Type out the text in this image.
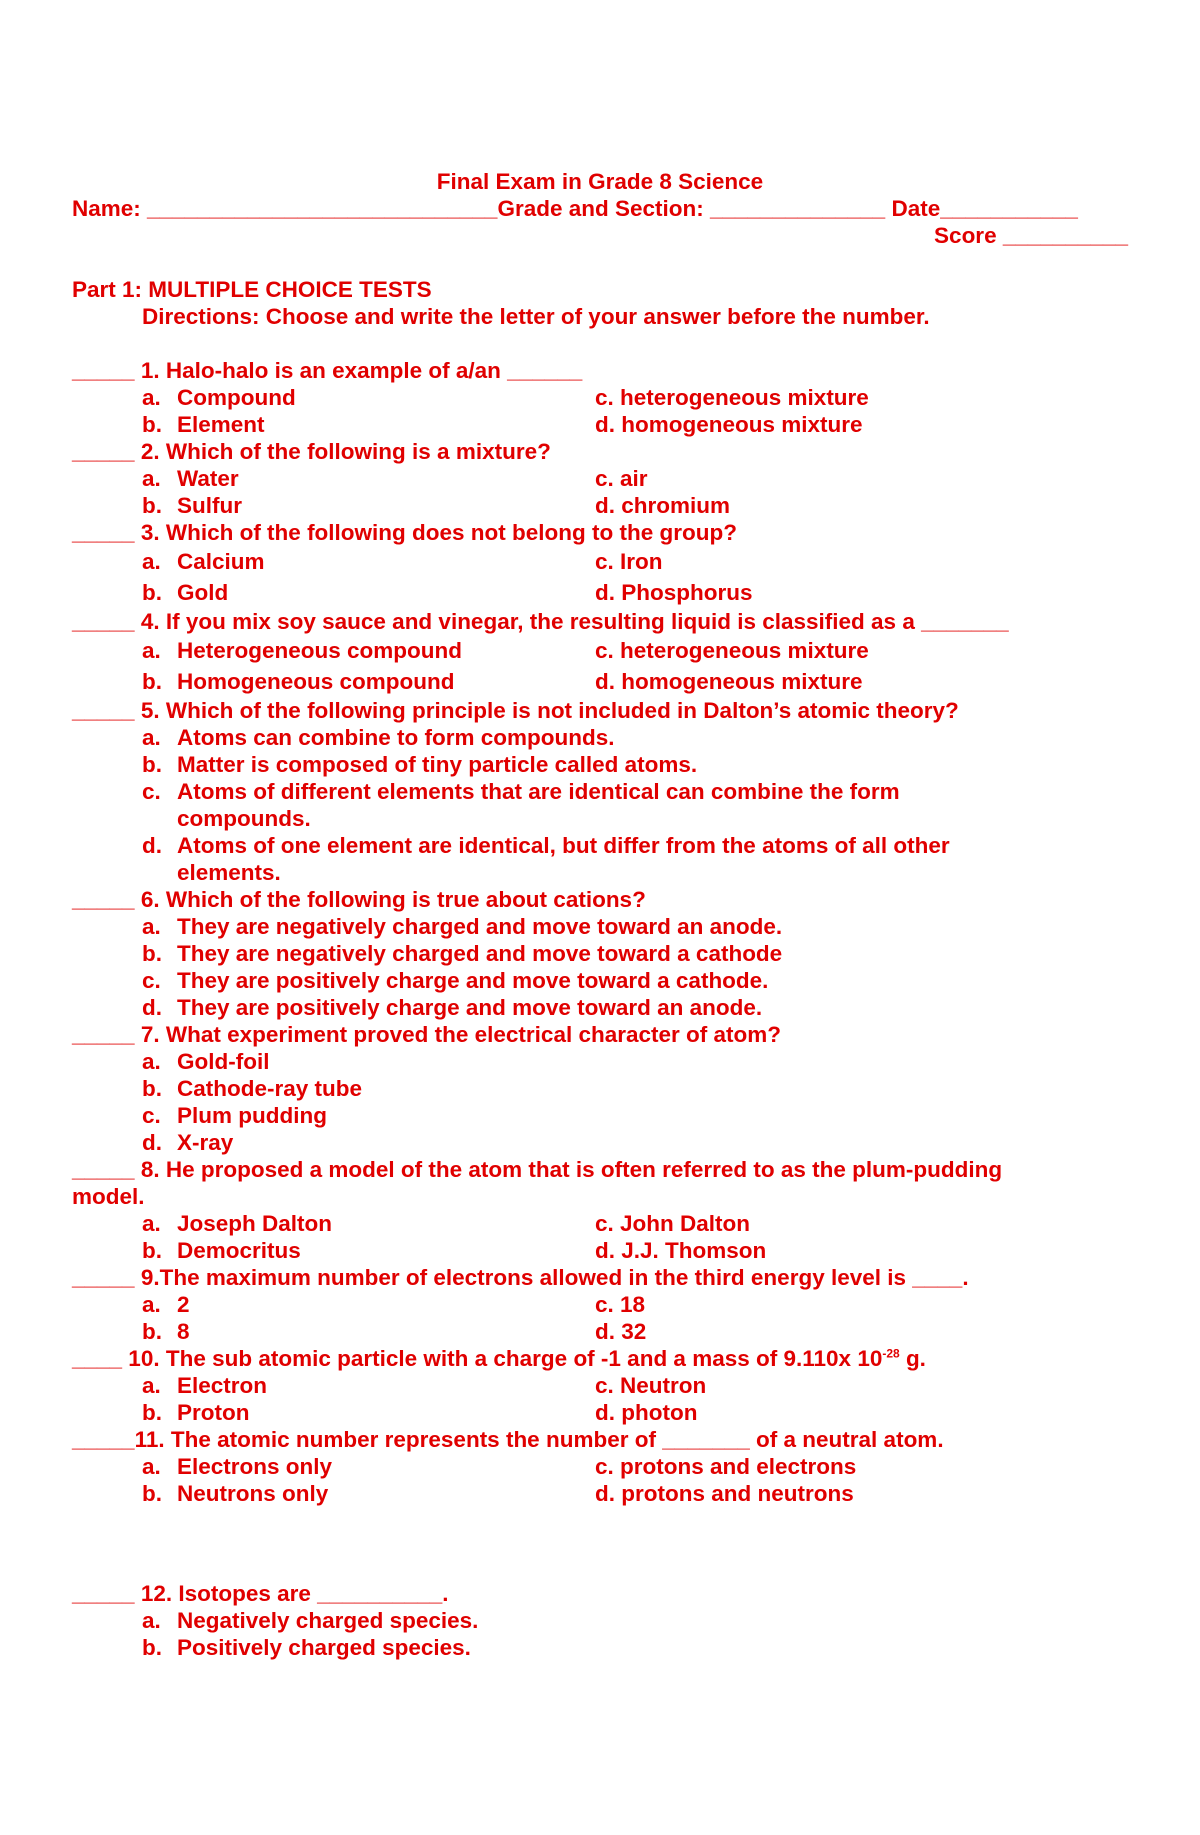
Final Exam in Grade 8 Science
Name:
____________________________ Grade and Section:
______________
Date ___________
Score __________
Part 1: MULTIPLE CHOICE TESTS
Directions: Choose and write the letter of your answer before the number.
_____ 1. Halo-halo is an example of a/an ______
a. Compound	c. heterogeneous mixture
b. Element	d. homogeneous mixture
_____ 2. Which of the following is a mixture?
a. Water	c. air
b. Sulfur	d. chromium
_____ 3. Which of the following does not belong to the group?
a. Calcium	c. Iron
b. Gold	d. Phosphorus
_____ 4. If you mix soy sauce and vinegar, the resulting liquid is classified as a _______
a. Heterogeneous compound	c. heterogeneous mixture
b. Homogeneous compound	d. homogeneous mixture
_____ 5. Which of the following principle is not included in Dalton’s atomic theory?
a. Atoms can combine to form compounds.
b. Matter is composed of tiny particle called atoms.
c. Atoms of different elements that are identical can combine the form compounds.
d. Atoms of one element are identical, but differ from the atoms of all other elements.
_____ 6. Which of the following is true about cations?
a. They are negatively charged and move toward an anode.
b. They are negatively charged and move toward a cathode
c. They are positively charge and move toward a cathode.
d. They are positively charge and move toward an anode.
_____ 7. What experiment proved the electrical character of atom?
a. Gold-foil
b. Cathode-ray tube
c. Plum pudding
d. X-ray
_____ 8. He proposed a model of the atom that is often referred to as the plum-pudding
model.
a. Joseph Dalton	c. John Dalton
b. Democritus	d. J.J. Thomson
_____ 9.The maximum number of electrons allowed in the third energy level is ____.
a. 2	c. 18
b. 8	d. 32
____ 10. The sub atomic particle with a charge of -1 and a mass of 9.110x $10^{-28}$ g.
a. Electron	c. Neutron
b. Proton	d. photon
_____11. The atomic number represents the number of _______ of a neutral atom.
a. Electrons only	c. protons and electrons
b. Neutrons only	d. protons and neutrons
_____ 12. Isotopes are __________.
a. Negatively charged species.
b. Positively charged species.
